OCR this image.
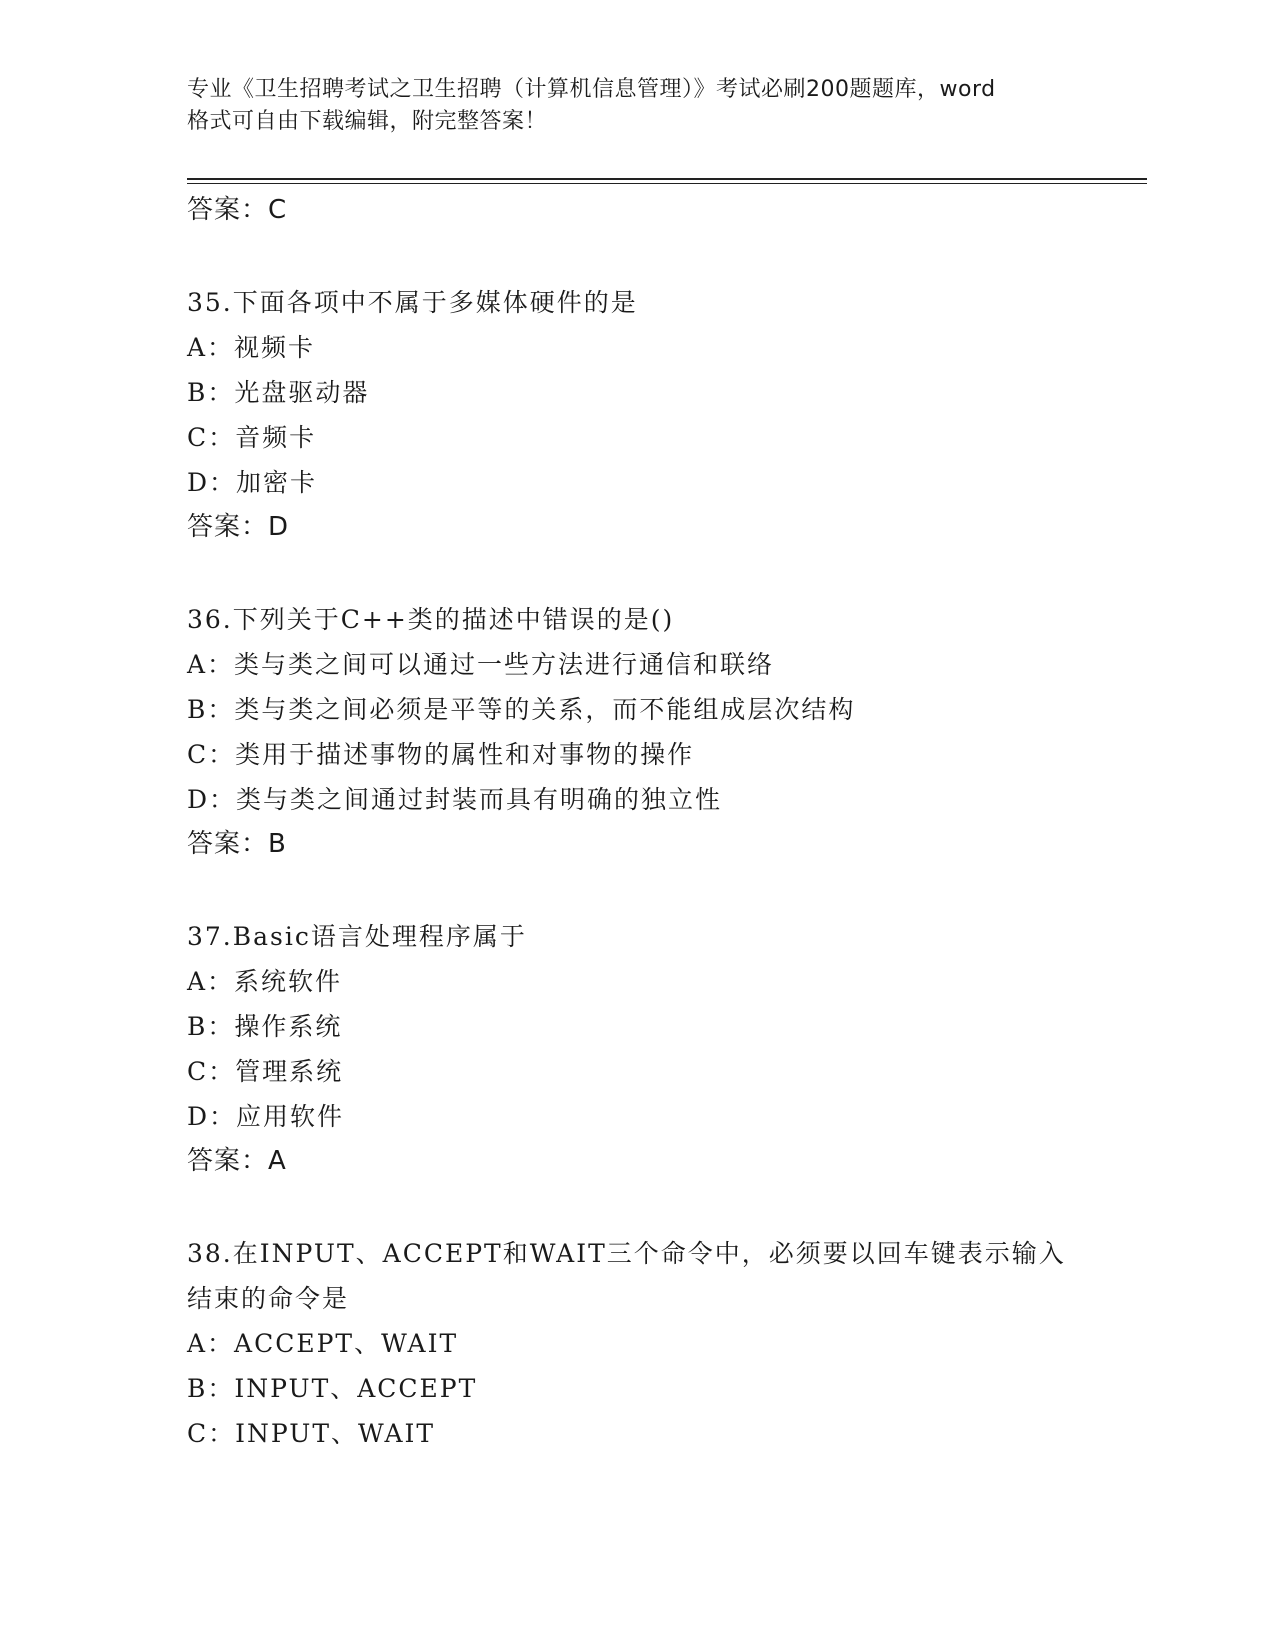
专业《卫生招聘考试之卫生招聘（计算机信息管理）》考试必刷200题题库，word
格式可自由下载编辑，附完整答案！
答案：C
35.下面各项中不属于多媒体硬件的是
A：视频卡
B：光盘驱动器
C：音频卡
D：加密卡
答案：D
36.下列关于C++类的描述中错误的是()
A：类与类之间可以通过一些方法进行通信和联络
B：类与类之间必须是平等的关系，而不能组成层次结构
C：类用于描述事物的属性和对事物的操作
D：类与类之间通过封装而具有明确的独立性
答案：B
37.Basic语言处理程序属于
A：系统软件
B：操作系统
C：管理系统
D：应用软件
答案：A
38.在INPUT、ACCEPT和WAIT三个命令中，必须要以回车键表示输入
结束的命令是
A：ACCEPT、WAIT
B：INPUT、ACCEPT
C：INPUT、WAIT
